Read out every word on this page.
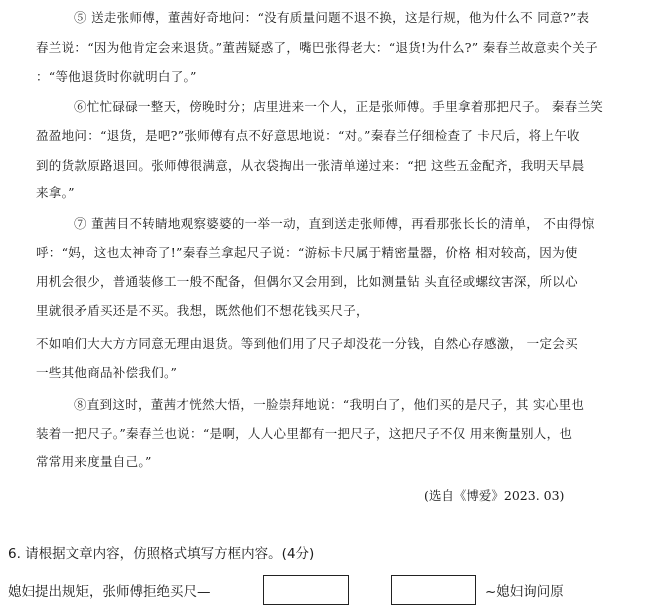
⑤ 送走张师傅，董茜好奇地问：“没有质量问题不退不换，这是行规，他为什么不 同意?”表
春兰说：“因为他肯定会来退货。”董茜疑惑了，嘴巴张得老大：“退货!为什么?” 秦春兰故意卖个关子
：“等他退货时你就明白了。”
⑥忙忙碌碌一整天，傍晚时分；店里进来一个人，正是张师傅。手里拿着那把尺子。 秦春兰笑
盈盈地问：“退货，是吧?”张师傅有点不好意思地说：“对。”秦春兰仔细检查了 卡尺后，将上午收
到的货款原路退回。张师傅很满意，从衣袋掏出一张清单递过来：“把 这些五金配齐，我明天早晨
来拿。”
⑦ 董茜目不转睛地观察婆婆的一举一动，直到送走张师傅，再看那张长长的清单， 不由得惊
呼：“妈，这也太神奇了!”秦春兰拿起尺子说：“游标卡尺属于精密量器，价格 相对较高，因为使
用机会很少，普通装修工一般不配备，但偶尔又会用到，比如测量钻 头直径或螺纹害深，所以心
里就很矛盾买还是不买。我想，既然他们不想花钱买尺子，
不如咱们大大方方同意无理由退货。等到他们用了尺子却没花一分钱，自然心存感激， 一定会买
一些其他商品补偿我们。”
⑧直到这时，董茜才恍然大悟，一脸崇拜地说：“我明白了，他们买的是尺子，其 实心里也
装着一把尺子。”秦春兰也说：“是啊，人人心里都有一把尺子，这把尺子不仅 用来衡量别人，也
常常用来度量自己。”
(选自《博爱》2023. 03)
6. 请根据文章内容，仿照格式填写方框内容。(4分)
媳妇提出规矩，张师傅拒绝买尺—	~媳妇询问原
